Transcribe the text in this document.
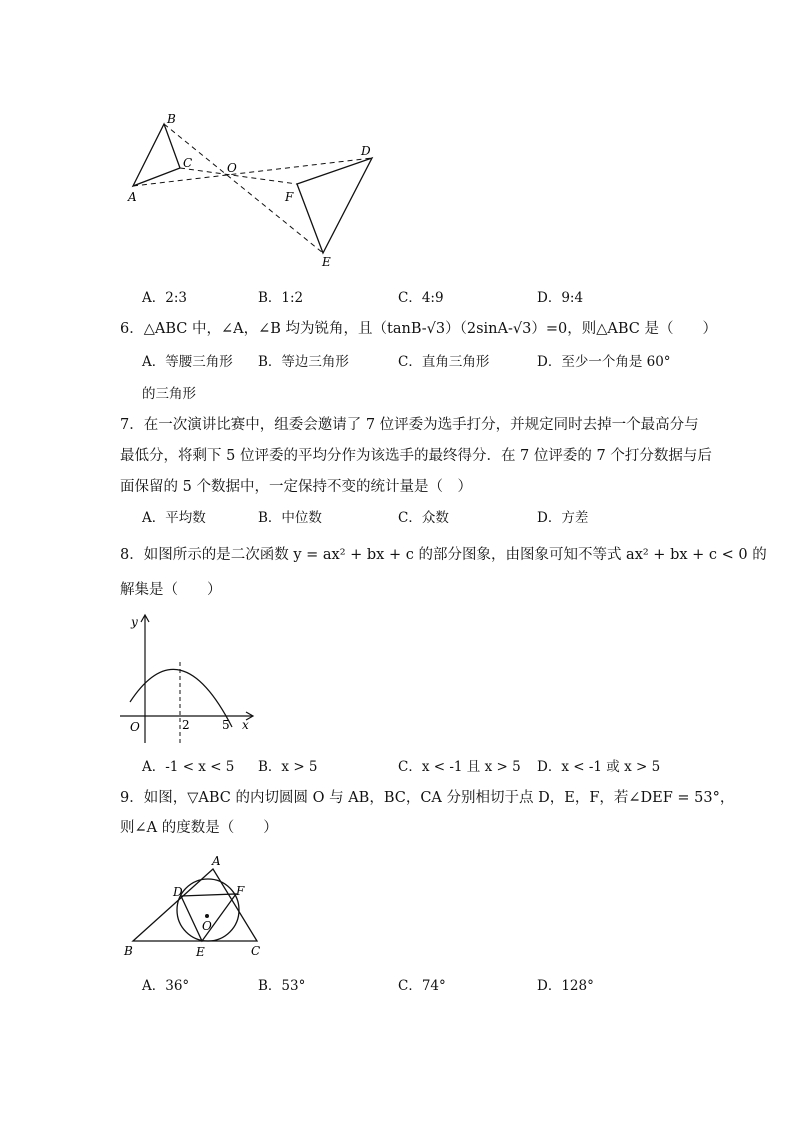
B
C
A
O
D
F
E
A．2:3	B．1:2	C．4:9	D．9:4
6．△ABC 中，∠A，∠B 均为锐角，且（tanB-√3）（2sinA-√3）=0，则△ABC 是（　　）
A．等腰三角形 B．等边三角形	C．直角三角形	D．至少一个角是 60°
的三角形
7．在一次演讲比赛中，组委会邀请了 7 位评委为选手打分，并规定同时去掉一个最高分与
最低分，将剩下 5 位评委的平均分作为该选手的最终得分．在 7 位评委的 7 个打分数据与后
面保留的 5 个数据中，一定保持不变的统计量是（　）
A．平均数	B．中位数	C．众数	D．方差
8．如图所示的是二次函数 y = ax² + bx + c 的部分图象，由图象可知不等式 ax² + bx + c < 0 的
解集是（　　）
y
x
O	2	5
A．-1 < x < 5 B．x > 5	C．x < -1 且 x > 5 D．x < -1 或 x > 5
9．如图，▽ABC 的内切圆圆 O 与 AB，BC，CA 分别相切于点 D，E，F，若∠DEF = 53°，
则∠A 的度数是（　　）
A
D	F
O
B	E	C
A．36°	B．53°	C．74°	D．128°
